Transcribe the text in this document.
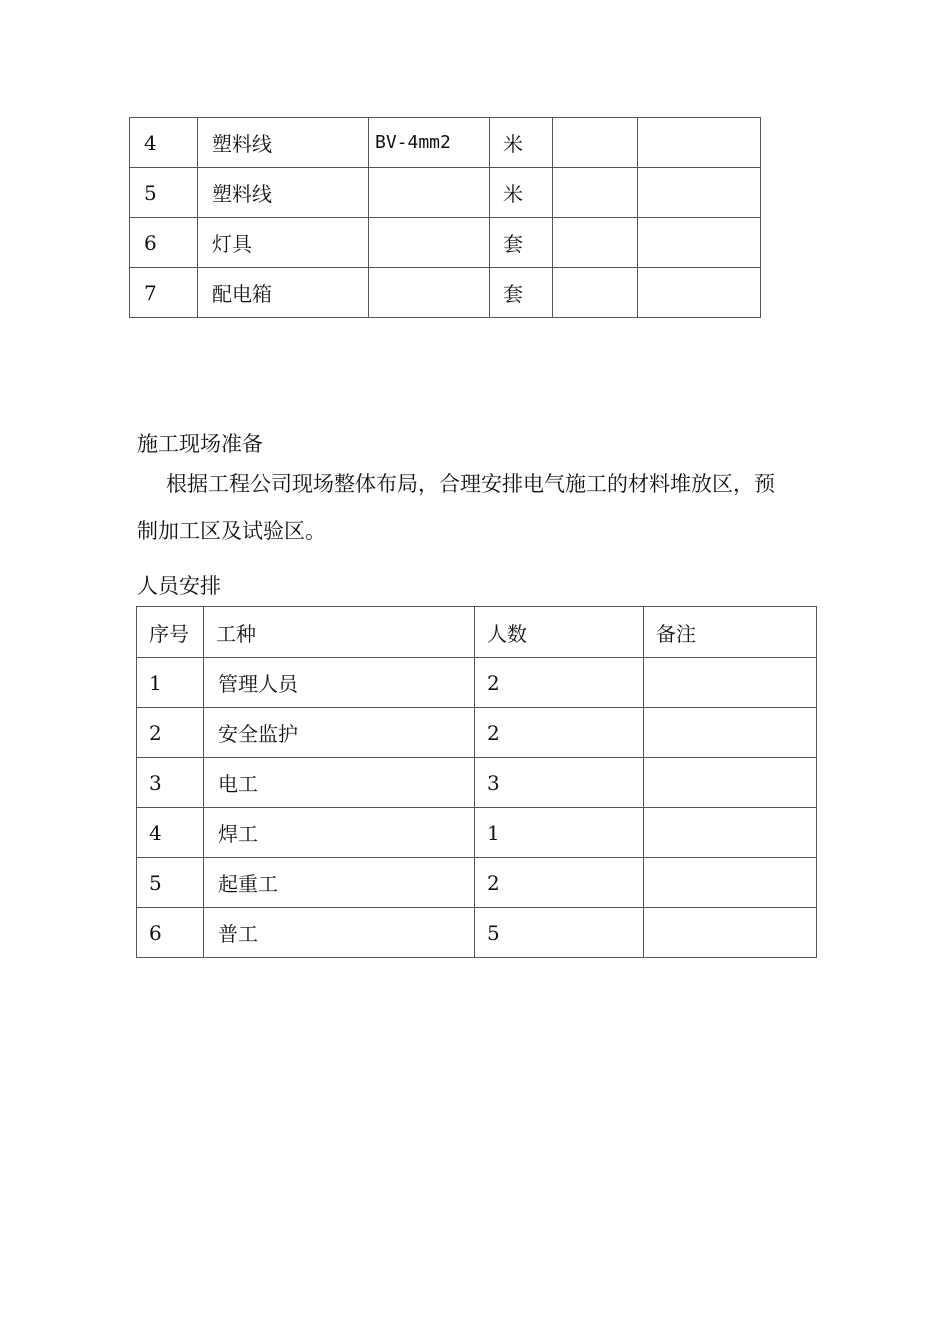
4	塑料线	BV-4mm2	米		
5	塑料线		米		
6	灯具		套		
7	配电箱		套		
施工现场准备
根据工程公司现场整体布局，合理安排电气施工的材料堆放区，预
制加工区及试验区。
人员安排
序号	工种	人数	备注
1	管理人员	2	
2	安全监护	2	
3	电工	3	
4	焊工	1	
5	起重工	2	
6	普工	5	
